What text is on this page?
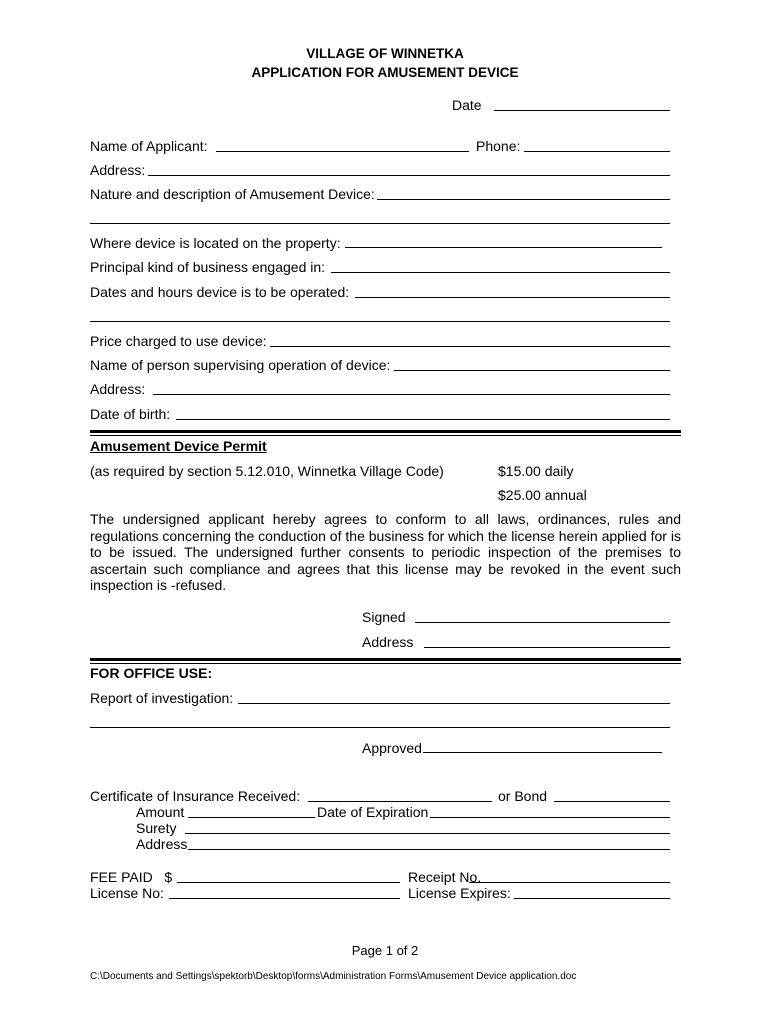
VILLAGE OF WINNETKA
APPLICATION FOR AMUSEMENT DEVICE
Date
Name of Applicant:	Phone:
Address:
Nature and description of Amusement Device:
Where device is located on the property:
Principal kind of business engaged in:
Dates and hours device is to be operated:
Price charged to use device:
Name of person supervising operation of device:
Address:
Date of birth:
Amusement Device Permit
(as required by section 5.12.010, Winnetka Village Code)	$15.00 daily
$25.00 annual
The undersigned applicant hereby agrees to conform to all laws, ordinances, rules and regulations concerning the conduction of the business for which the license herein applied for is to be issued. The undersigned further consents to periodic inspection of the premises to ascertain such compliance and agrees that this license may be revoked in the event such inspection is -refused.
Signed
Address
FOR OFFICE USE:
Report of investigation:
Approved
Certificate of Insurance Received:	or Bond
Amount	Date of Expiration
Surety
Address
FEE PAID   $	Receipt No.
License No:	License Expires:
Page 1 of 2
C:\Documents and Settings\spektorb\Desktop\forms\Administration Forms\Amusement Device application.doc
